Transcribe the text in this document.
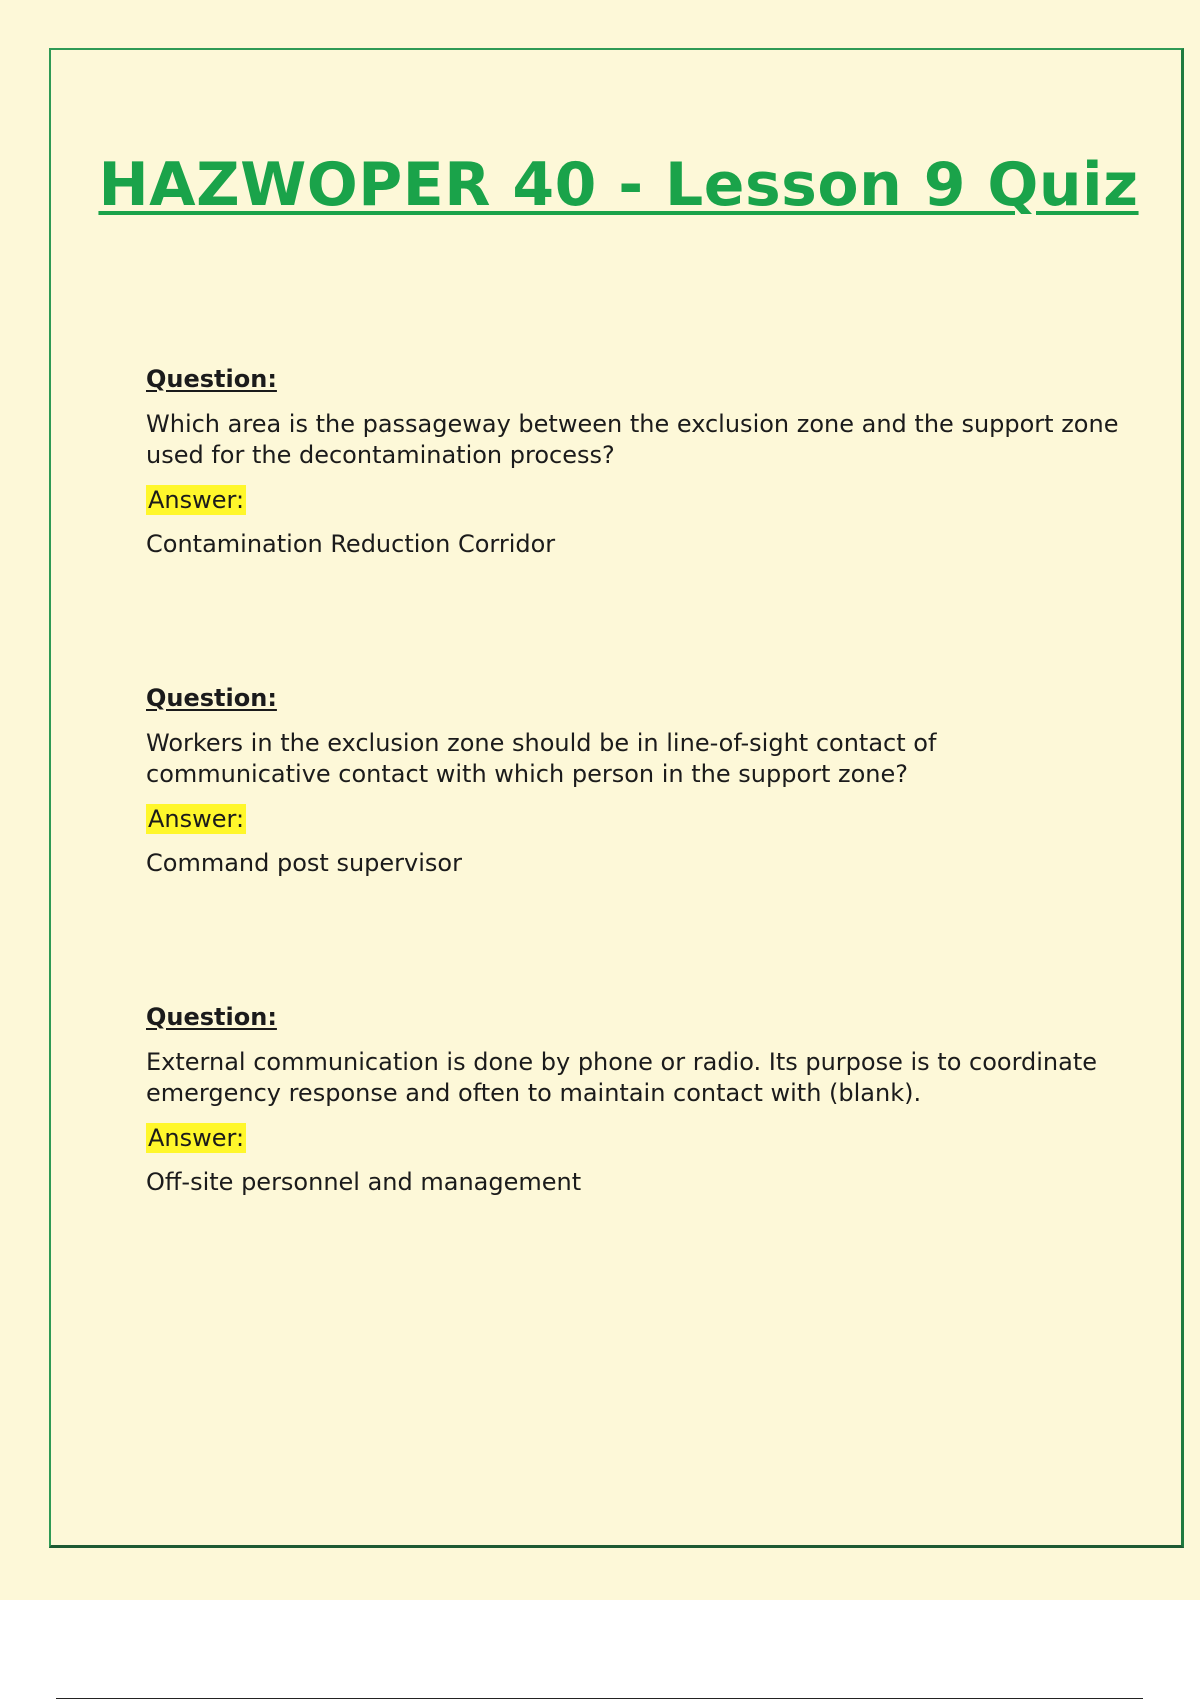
HAZWOPER 40 - Lesson 9 Quiz
Question:
Which area is the passageway between the exclusion zone and the support zone used for the decontamination process?
Answer:
Contamination Reduction Corridor
Question:
Workers in the exclusion zone should be in line-of-sight contact of communicative contact with which person in the support zone?
Answer:
Command post supervisor
Question:
External communication is done by phone or radio. Its purpose is to coordinate emergency response and often to maintain contact with (blank).
Answer:
Off-site personnel and management
